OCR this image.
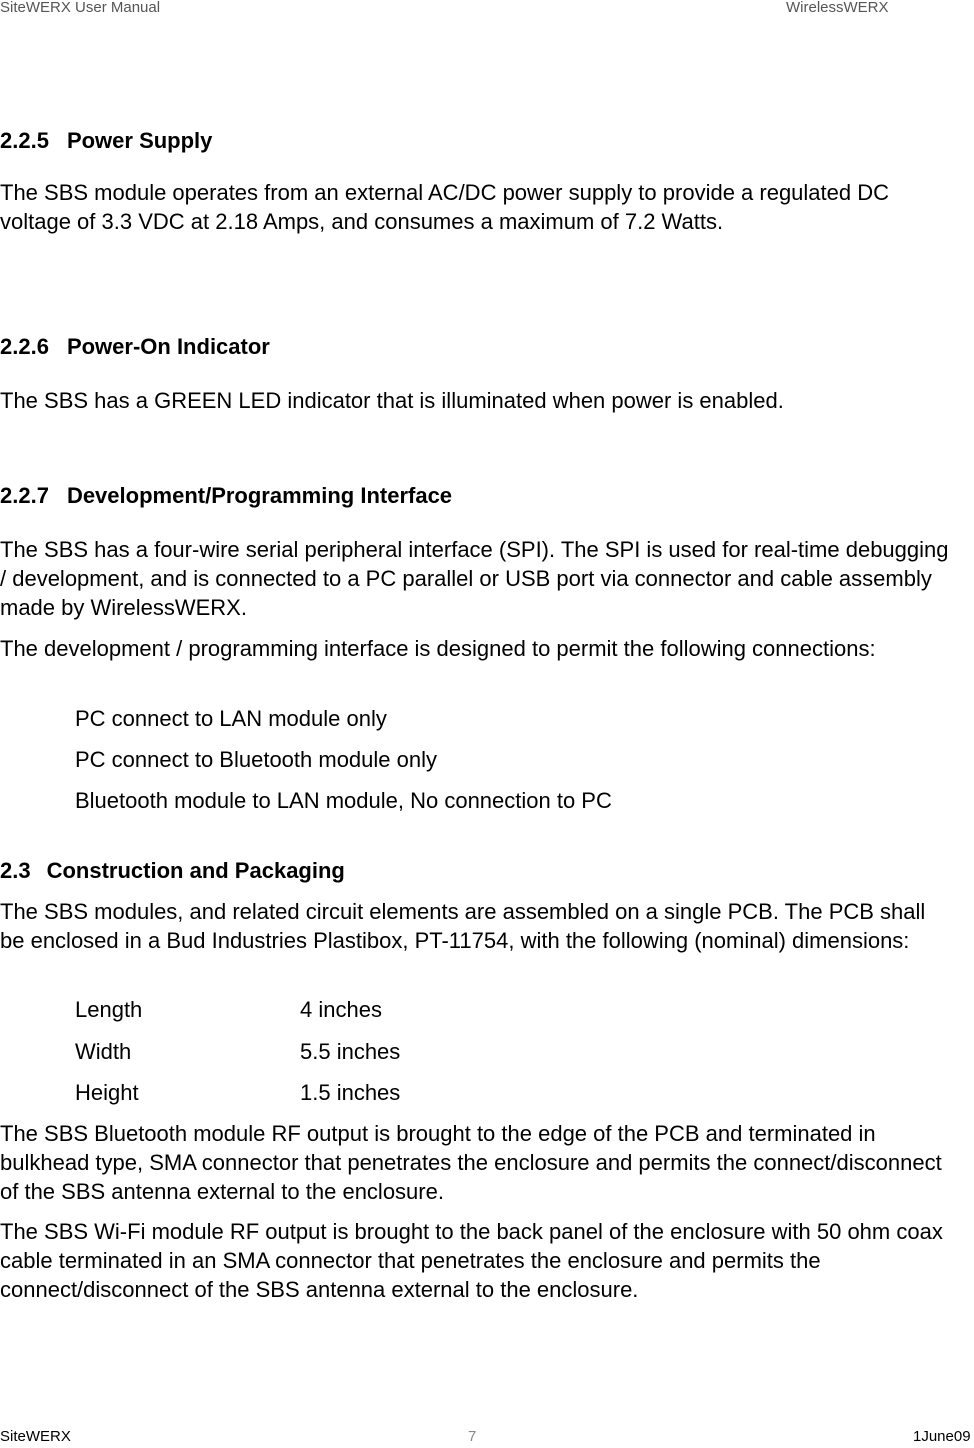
SiteWERX User Manual	WirelessWERX
2.2.5 Power Supply

The SBS module operates from an external AC/DC power supply to provide a regulated DC voltage of 3.3 VDC at 2.18 Amps, and consumes a maximum of 7.2 Watts.

2.2.6 Power-On Indicator

The SBS has a GREEN LED indicator that is illuminated when power is enabled.

2.2.7 Development/Programming Interface

The SBS has a four-wire serial peripheral interface (SPI). The SPI is used for real-time debugging / development, and is connected to a PC parallel or USB port via connector and cable assembly made by WirelessWERX.

The development / programming interface is designed to permit the following connections:

PC connect to LAN module only

PC connect to Bluetooth module only

Bluetooth module to LAN module, No connection to PC

2.3 Construction and Packaging

The SBS modules, and related circuit elements are assembled on a single PCB. The PCB shall be enclosed in a Bud Industries Plastibox, PT-11754, with the following (nominal) dimensions:

Length	4 inches

Width	5.5 inches

Height	1.5 inches

The SBS Bluetooth module RF output is brought to the edge of the PCB and terminated in bulkhead type, SMA connector that penetrates the enclosure and permits the connect/disconnect of the SBS antenna external to the enclosure.

The SBS Wi-Fi module RF output is brought to the back panel of the enclosure with 50 ohm coax cable terminated in an SMA connector that penetrates the enclosure and permits the connect/disconnect of the SBS antenna external to the enclosure.

SiteWERX	7	1June09
